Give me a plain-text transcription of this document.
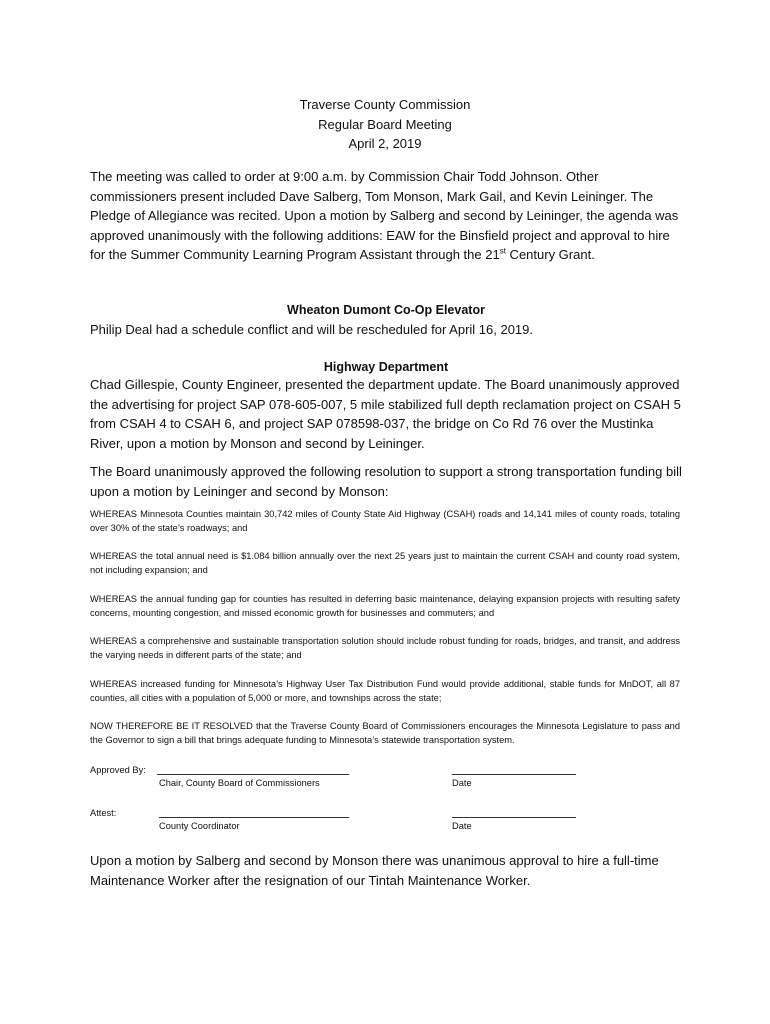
Traverse County Commission
Regular Board Meeting
April 2, 2019
The meeting was called to order at 9:00 a.m. by Commission Chair Todd Johnson. Other commissioners present included Dave Salberg, Tom Monson, Mark Gail, and Kevin Leininger. The Pledge of Allegiance was recited. Upon a motion by Salberg and second by Leininger, the agenda was approved unanimously with the following additions: EAW for the Binsfield project and approval to hire for the Summer Community Learning Program Assistant through the 21st Century Grant.
Wheaton Dumont Co-Op Elevator
Philip Deal had a schedule conflict and will be rescheduled for April 16, 2019.
Highway Department
Chad Gillespie, County Engineer, presented the department update. The Board unanimously approved the advertising for project SAP 078-605-007, 5 mile stabilized full depth reclamation project on CSAH 5 from CSAH 4 to CSAH 6, and project SAP 078598-037, the bridge on Co Rd 76 over the Mustinka River, upon a motion by Monson and second by Leininger.
The Board unanimously approved the following resolution to support a strong transportation funding bill upon a motion by Leininger and second by Monson:
WHEREAS Minnesota Counties maintain 30,742 miles of County State Aid Highway (CSAH) roads and 14,141 miles of county roads, totaling over 30% of the state’s roadways; and
WHEREAS the total annual need is $1.084 billion annually over the next 25 years just to maintain the current CSAH and county road system, not including expansion; and
WHEREAS the annual funding gap for counties has resulted in deferring basic maintenance, delaying expansion projects with resulting safety concerns, mounting congestion, and missed economic growth for businesses and commuters; and
WHEREAS a comprehensive and sustainable transportation solution should include robust funding for roads, bridges, and transit, and address the varying needs in different parts of the state; and
WHEREAS increased funding for Minnesota’s Highway User Tax Distribution Fund would provide additional, stable funds for MnDOT, all 87 counties, all cities with a population of 5,000 or more, and townships across the state;
NOW THEREFORE BE IT RESOLVED that the Traverse County Board of Commissioners encourages the Minnesota Legislature to pass and the Governor to sign a bill that brings adequate funding to Minnesota’s statewide transportation system.
Approved By:
Chair, County Board of Commissioners	Date
Attest:
County Coordinator	Date
Upon a motion by Salberg and second by Monson there was unanimous approval to hire a full-time Maintenance Worker after the resignation of our Tintah Maintenance Worker.
